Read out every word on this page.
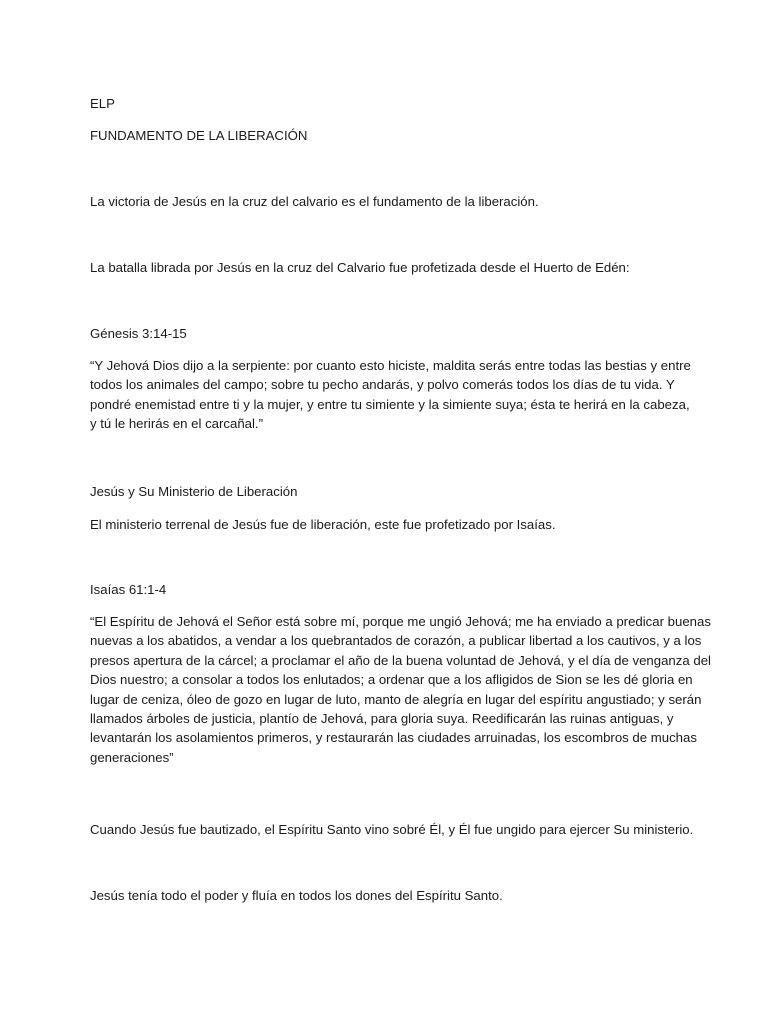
ELP

FUNDAMENTO DE LA LIBERACIÓN

La victoria de Jesús en la cruz del calvario es el fundamento de la liberación.

La batalla librada por Jesús en la cruz del Calvario fue profetizada desde el Huerto de Edén:

Génesis 3:14-15

“Y Jehová Dios dijo a la serpiente: por cuanto esto hiciste, maldita serás entre todas las bestias y entre
todos los animales del campo; sobre tu pecho andarás, y polvo comerás todos los días de tu vida. Y
pondré enemistad entre ti y la mujer, y entre tu simiente y la simiente suya; ésta te herirá en la cabeza,
y tú le herirás en el carcañal.”

Jesús y Su Ministerio de Liberación

El ministerio terrenal de Jesús fue de liberación, este fue profetizado por Isaías.

Isaías 61:1-4

“El Espíritu de Jehová el Señor está sobre mí, porque me ungió Jehová; me ha enviado a predicar buenas
nuevas a los abatidos, a vendar a los quebrantados de corazón, a publicar libertad a los cautivos, y a los
presos apertura de la cárcel; a proclamar el año de la buena voluntad de Jehová, y el día de venganza del
Dios nuestro; a consolar a todos los enlutados; a ordenar que a los afligidos de Sion se les dé gloria en
lugar de ceniza, óleo de gozo en lugar de luto, manto de alegría en lugar del espíritu angustiado; y serán
llamados árboles de justicia, plantío de Jehová, para gloria suya. Reedificarán las ruinas antiguas, y
levantarán los asolamientos primeros, y restaurarán las ciudades arruinadas, los escombros de muchas
generaciones”

Cuando Jesús fue bautizado, el Espíritu Santo vino sobré Él, y Él fue ungido para ejercer Su ministerio.

Jesús tenía todo el poder y fluía en todos los dones del Espíritu Santo.
